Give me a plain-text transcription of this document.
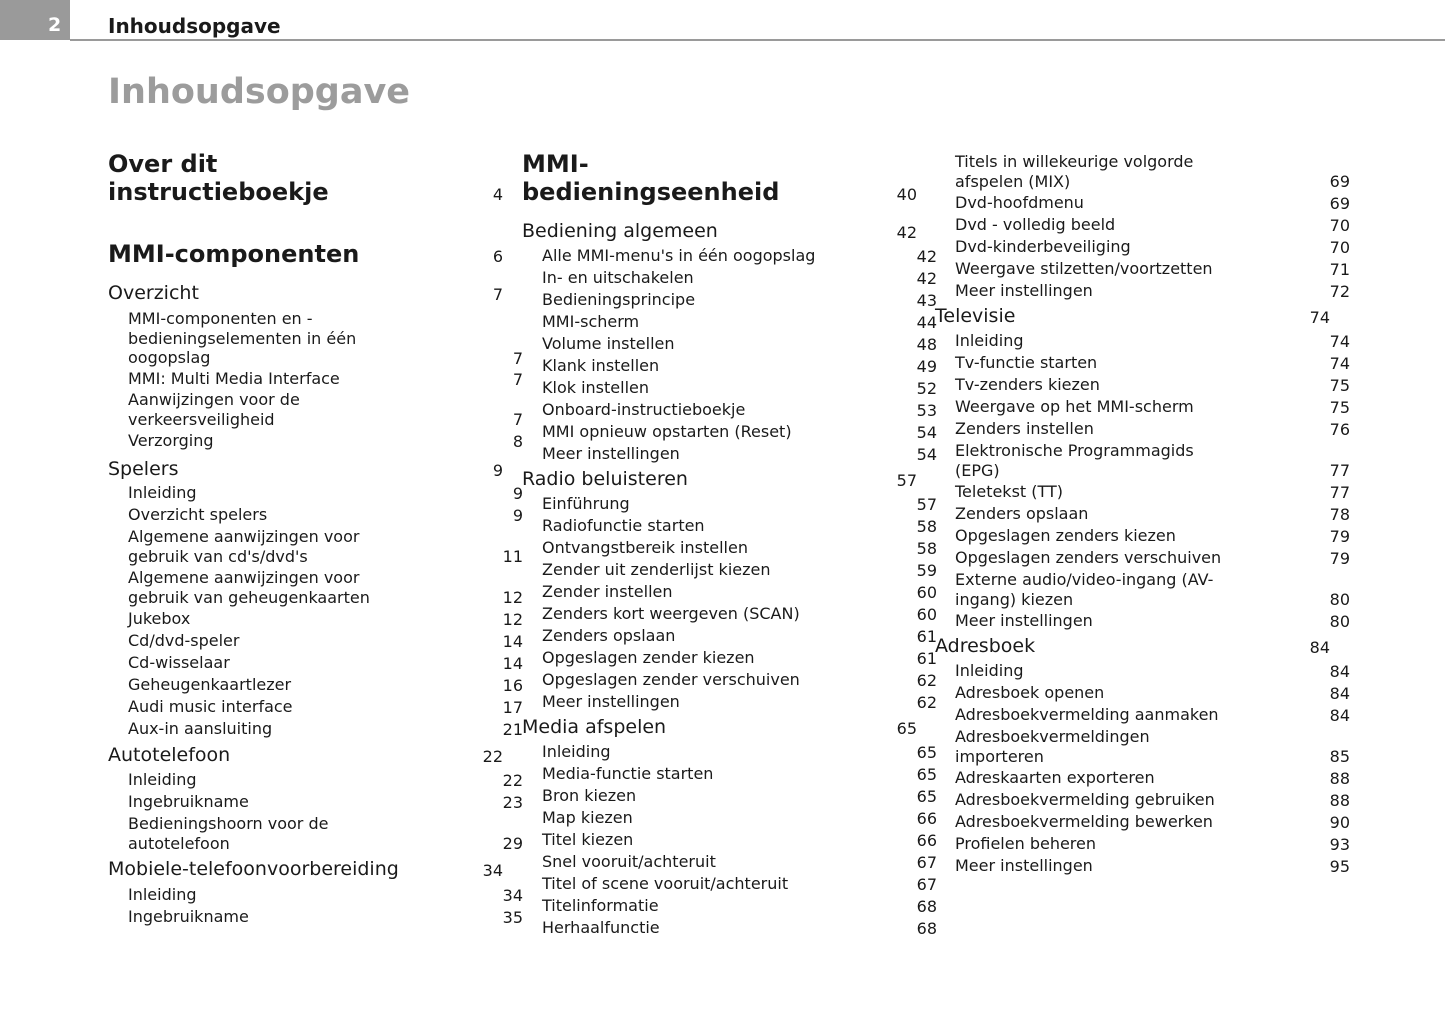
2 Inhoudsopgave
Inhoudsopgave
Over dit
instructieboekje	4
MMI-componenten	6
Overzicht	7
MMI-componenten en -
bedieningselementen in één
oogopslag	7
MMI: Multi Media Interface	7
Aanwijzingen voor de
verkeersveiligheid	7
Verzorging	8
Spelers	9
Inleiding	9
Overzicht spelers	9
Algemene aanwijzingen voor
gebruik van cd's/dvd's	11
Algemene aanwijzingen voor
gebruik van geheugenkaarten	12
Jukebox	12
Cd/dvd-speler	14
Cd-wisselaar	14
Geheugenkaartlezer	16
Audi music interface	17
Aux-in aansluiting	21
Autotelefoon	22
Inleiding	22
Ingebruikname	23
Bedieningshoorn voor de
autotelefoon	29
Mobiele-telefoonvoorbereiding	34
Inleiding	34
Ingebruikname	35
MMI-
bedieningseenheid	40
Bediening algemeen	42
Alle MMI-menu's in één oogopslag	42
In- en uitschakelen	42
Bedieningsprincipe	43
MMI-scherm	44
Volume instellen	48
Klank instellen	49
Klok instellen	52
Onboard-instructieboekje	53
MMI opnieuw opstarten (Reset)	54
Meer instellingen	54
Radio beluisteren	57
Einführung	57
Radiofunctie starten	58
Ontvangstbereik instellen	58
Zender uit zenderlijst kiezen	59
Zender instellen	60
Zenders kort weergeven (SCAN)	60
Zenders opslaan	61
Opgeslagen zender kiezen	61
Opgeslagen zender verschuiven	62
Meer instellingen	62
Media afspelen	65
Inleiding	65
Media-functie starten	65
Bron kiezen	65
Map kiezen	66
Titel kiezen	66
Snel vooruit/achteruit	67
Titel of scene vooruit/achteruit	67
Titelinformatie	68
Herhaalfunctie	68
Titels in willekeurige volgorde
afspelen (MIX)	69
Dvd-hoofdmenu	69
Dvd - volledig beeld	70
Dvd-kinderbeveiliging	70
Weergave stilzetten/voortzetten	71
Meer instellingen	72
Televisie	74
Inleiding	74
Tv-functie starten	74
Tv-zenders kiezen	75
Weergave op het MMI-scherm	75
Zenders instellen	76
Elektronische Programmagids
(EPG)	77
Teletekst (TT)	77
Zenders opslaan	78
Opgeslagen zenders kiezen	79
Opgeslagen zenders verschuiven	79
Externe audio/video-ingang (AV-
ingang) kiezen	80
Meer instellingen	80
Adresboek	84
Inleiding	84
Adresboek openen	84
Adresboekvermelding aanmaken	84
Adresboekvermeldingen
importeren	85
Adreskaarten exporteren	88
Adresboekvermelding gebruiken	88
Adresboekvermelding bewerken	90
Profielen beheren	93
Meer instellingen	95
